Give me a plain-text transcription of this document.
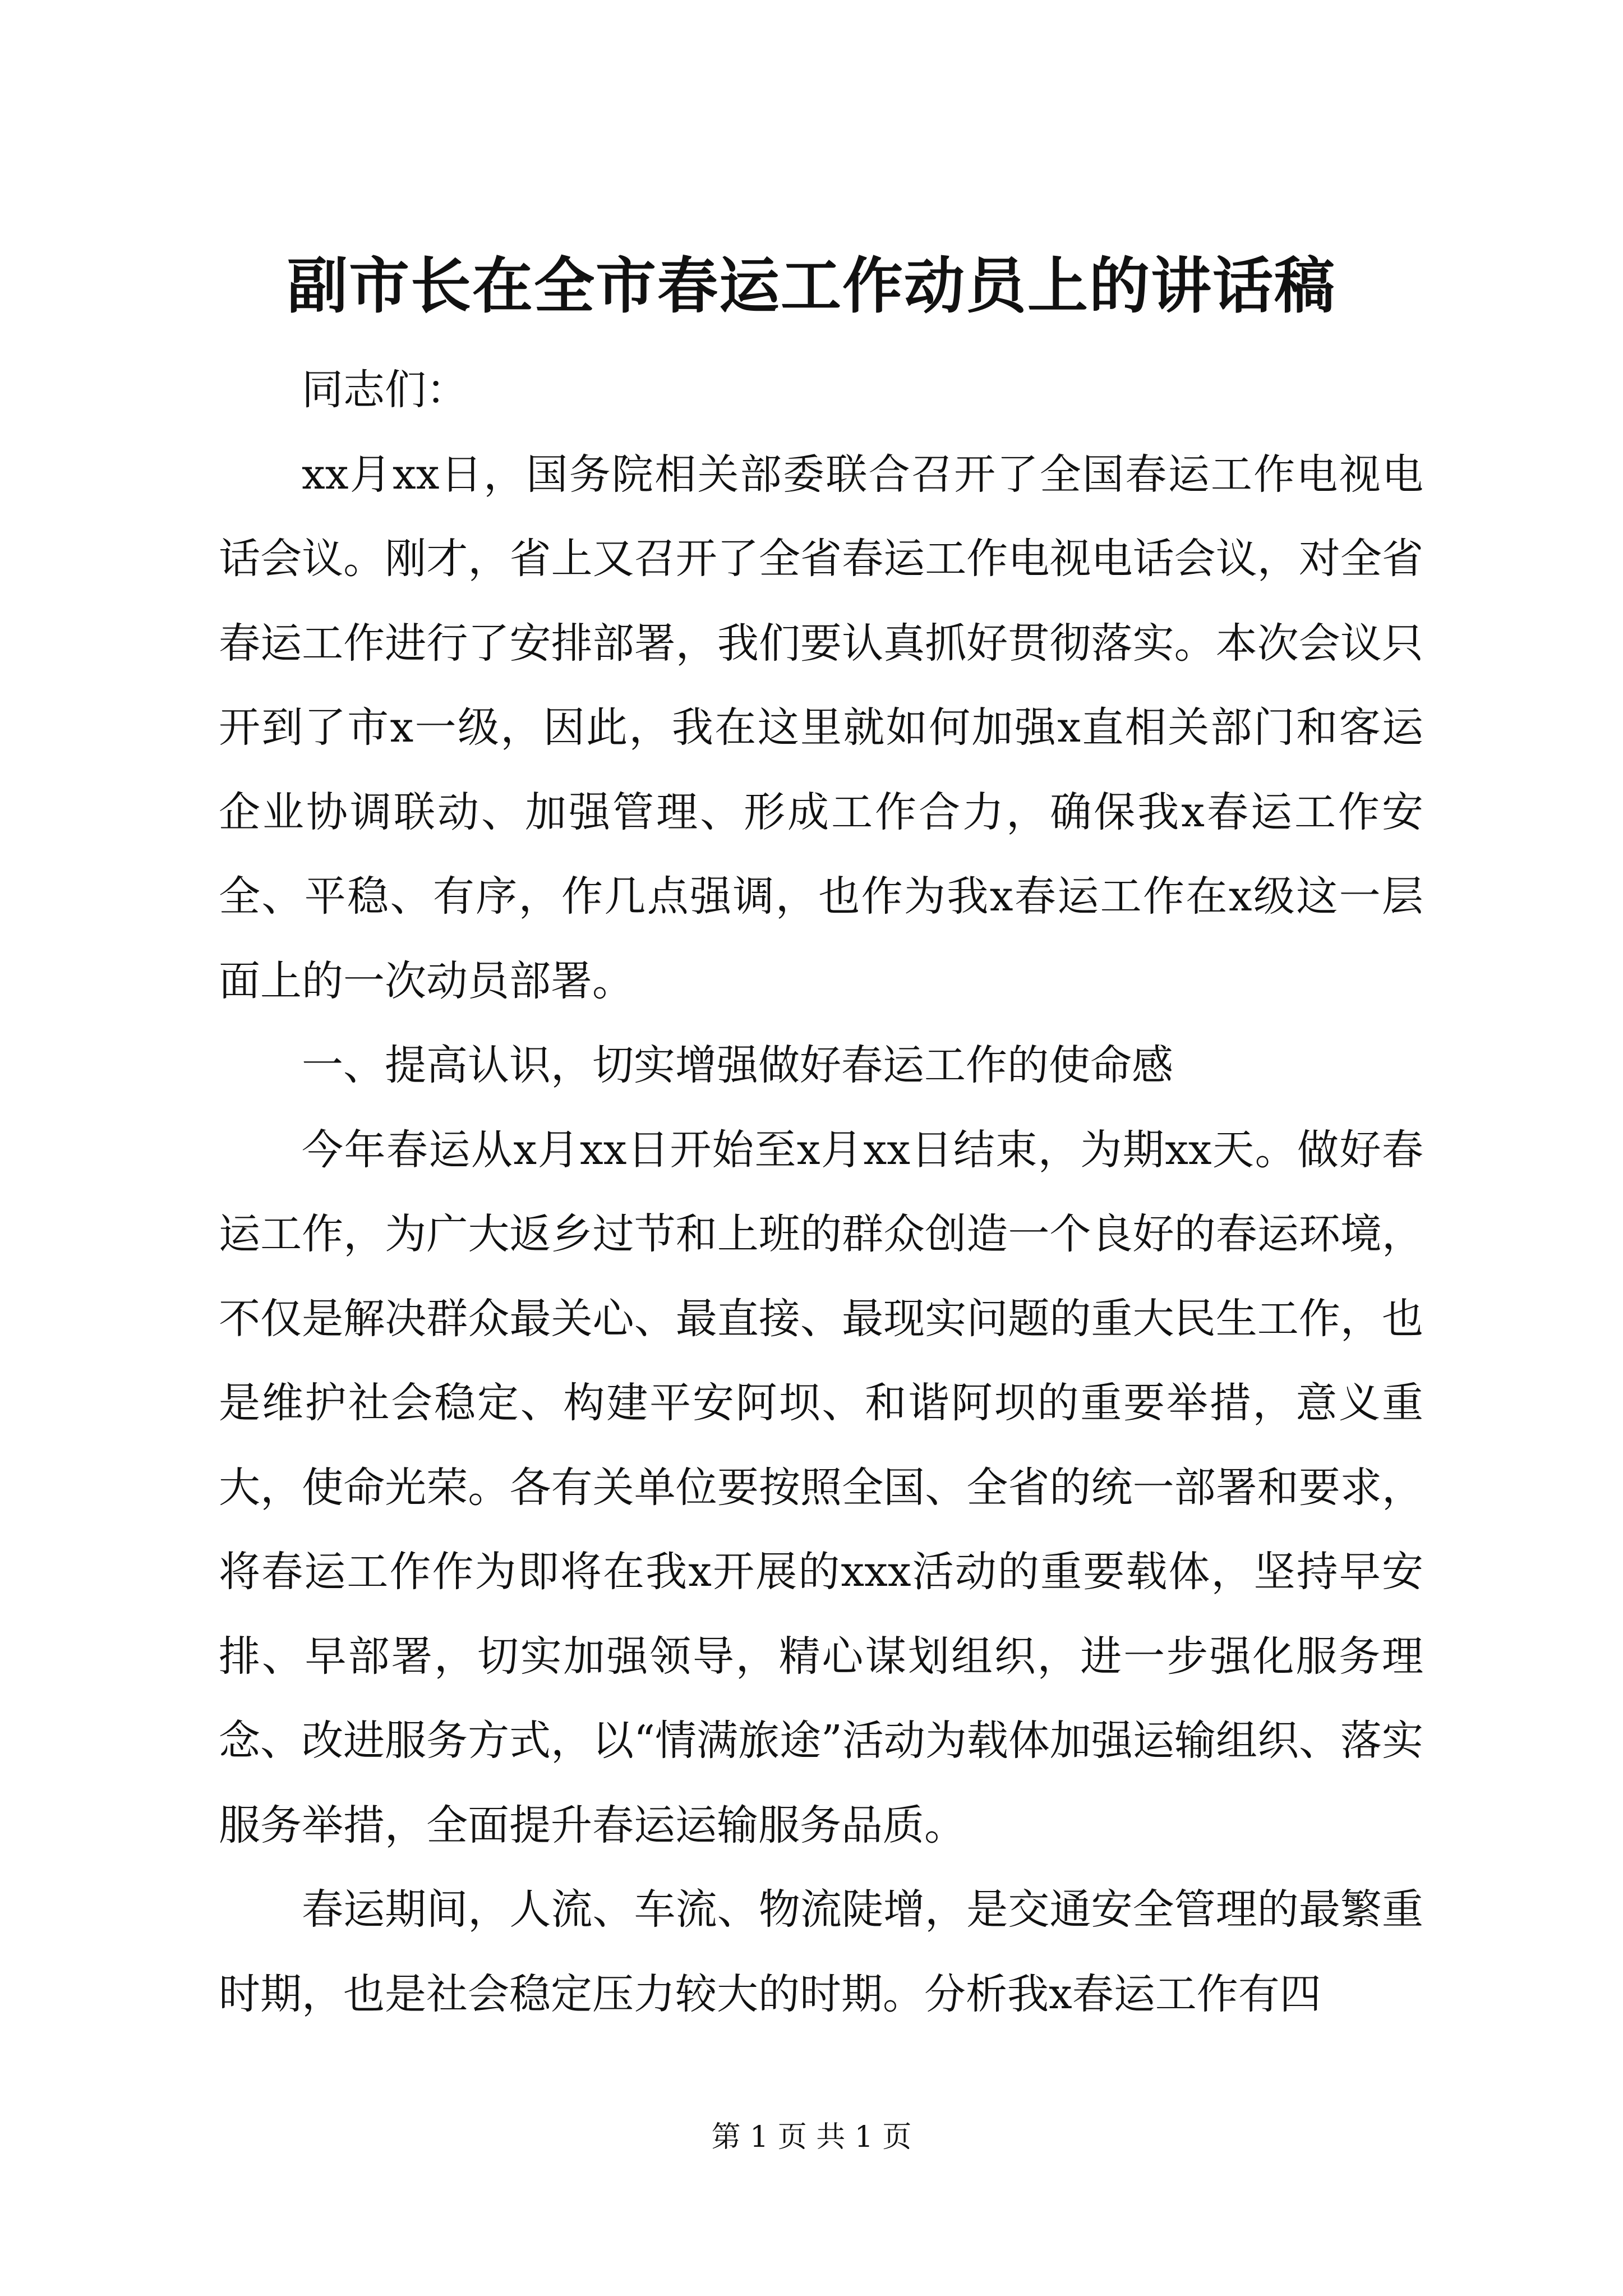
副市长在全市春运工作动员上的讲话稿

同志们：

xx月xx日，国务院相关部委联合召开了全国春运工作电视电话会议。刚才，省上又召开了全省春运工作电视电话会议，对全省春运工作进行了安排部署，我们要认真抓好贯彻落实。本次会议只开到了市x一级，因此，我在这里就如何加强x直相关部门和客运企业协调联动、加强管理、形成工作合力，确保我x春运工作安全、平稳、有序，作几点强调，也作为我x春运工作在x级这一层面上的一次动员部署。

一、提高认识，切实增强做好春运工作的使命感

今年春运从x月xx日开始至x月xx日结束，为期xx天。做好春运工作，为广大返乡过节和上班的群众创造一个良好的春运环境，不仅是解决群众最关心、最直接、最现实问题的重大民生工作，也是维护社会稳定、构建平安阿坝、和谐阿坝的重要举措，意义重大，使命光荣。各有关单位要按照全国、全省的统一部署和要求，将春运工作作为即将在我x开展的xxx活动的重要载体，坚持早安排、早部署，切实加强领导，精心谋划组织，进一步强化服务理念、改进服务方式，以“情满旅途”活动为载体加强运输组织、落实服务举措，全面提升春运运输服务品质。

春运期间，人流、车流、物流陡增，是交通安全管理的最繁重时期，也是社会稳定压力较大的时期。分析我x春运工作有四

第 1 页 共 1 页
